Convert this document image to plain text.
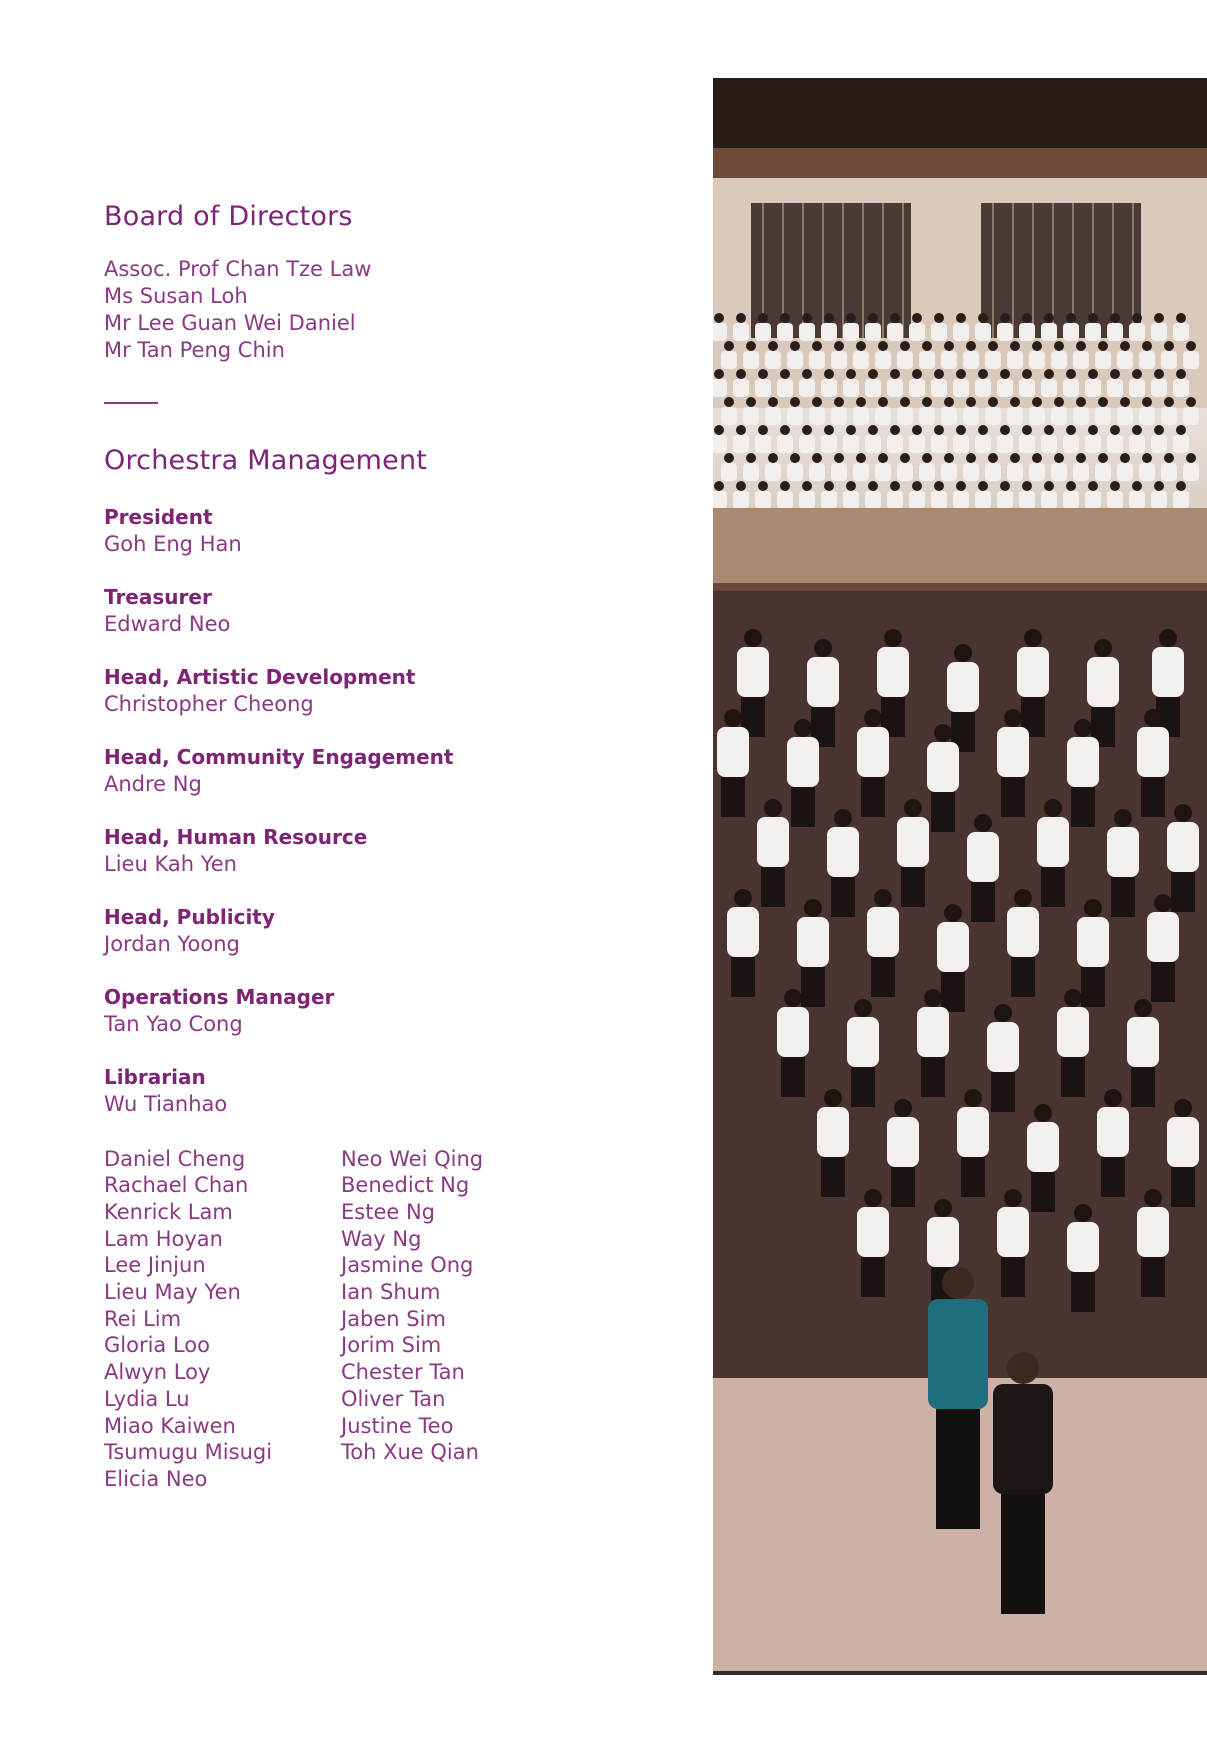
Board of Directors
Assoc. Prof Chan Tze Law
Ms Susan Loh
Mr Lee Guan Wei Daniel
Mr Tan Peng Chin
Orchestra Management
President
Goh Eng Han
Treasurer
Edward Neo
Head, Artistic Development
Christopher Cheong
Head, Community Engagement
Andre Ng
Head, Human Resource
Lieu Kah Yen
Head, Publicity
Jordan Yoong
Operations Manager
Tan Yao Cong
Librarian
Wu Tianhao
Daniel Cheng
Rachael Chan
Kenrick Lam
Lam Hoyan
Lee Jinjun
Lieu May Yen
Rei Lim
Gloria Loo
Alwyn Loy
Lydia Lu
Miao Kaiwen
Tsumugu Misugi
Elicia Neo
Neo Wei Qing
Benedict Ng
Estee Ng
Way Ng
Jasmine Ong
Ian Shum
Jaben Sim
Jorim Sim
Chester Tan
Oliver Tan
Justine Teo
Toh Xue Qian
